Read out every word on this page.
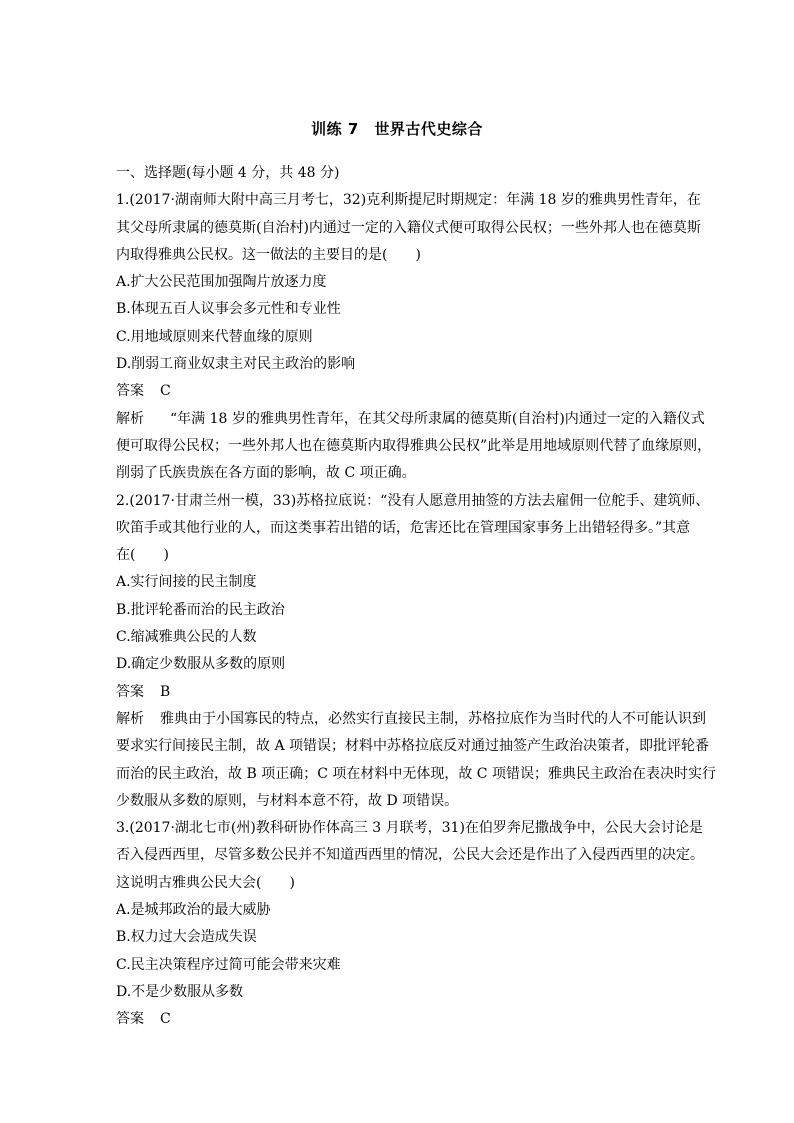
训练 7　世界古代史综合
一、选择题(每小题 4 分，共 48 分)
1.(2017·湖南师大附中高三月考七，32)克利斯提尼时期规定：年满 18 岁的雅典男性青年，在
其父母所隶属的德莫斯(自治村)内通过一定的入籍仪式便可取得公民权；一些外邦人也在德莫斯
内取得雅典公民权。这一做法的主要目的是(　　)
A.扩大公民范围加强陶片放逐力度
B.体现五百人议事会多元性和专业性
C.用地域原则来代替血缘的原则
D.削弱工商业奴隶主对民主政治的影响
答案 C
解析 “年满 18 岁的雅典男性青年，在其父母所隶属的德莫斯(自治村)内通过一定的入籍仪式
便可取得公民权；一些外邦人也在德莫斯内取得雅典公民权”此举是用地域原则代替了血缘原则，
削弱了氏族贵族在各方面的影响，故 C 项正确。
2.(2017·甘肃兰州一模，33)苏格拉底说：“没有人愿意用抽签的方法去雇佣一位舵手、建筑师、
吹笛手或其他行业的人，而这类事若出错的话，危害还比在管理国家事务上出错轻得多。”其意
在(　　)
A.实行间接的民主制度
B.批评轮番而治的民主政治
C.缩减雅典公民的人数
D.确定少数服从多数的原则
答案 B
解析 雅典由于小国寡民的特点，必然实行直接民主制，苏格拉底作为当时代的人不可能认识到
要求实行间接民主制，故 A 项错误；材料中苏格拉底反对通过抽签产生政治决策者，即批评轮番
而治的民主政治，故 B 项正确；C 项在材料中无体现，故 C 项错误；雅典民主政治在表决时实行
少数服从多数的原则，与材料本意不符，故 D 项错误。
3.(2017·湖北七市(州)教科研协作体高三 3 月联考，31)在伯罗奔尼撒战争中，公民大会讨论是
否入侵西西里，尽管多数公民并不知道西西里的情况，公民大会还是作出了入侵西西里的决定。
这说明古雅典公民大会(　　)
A.是城邦政治的最大威胁
B.权力过大会造成失误
C.民主决策程序过简可能会带来灾难
D.不是少数服从多数
答案 C
